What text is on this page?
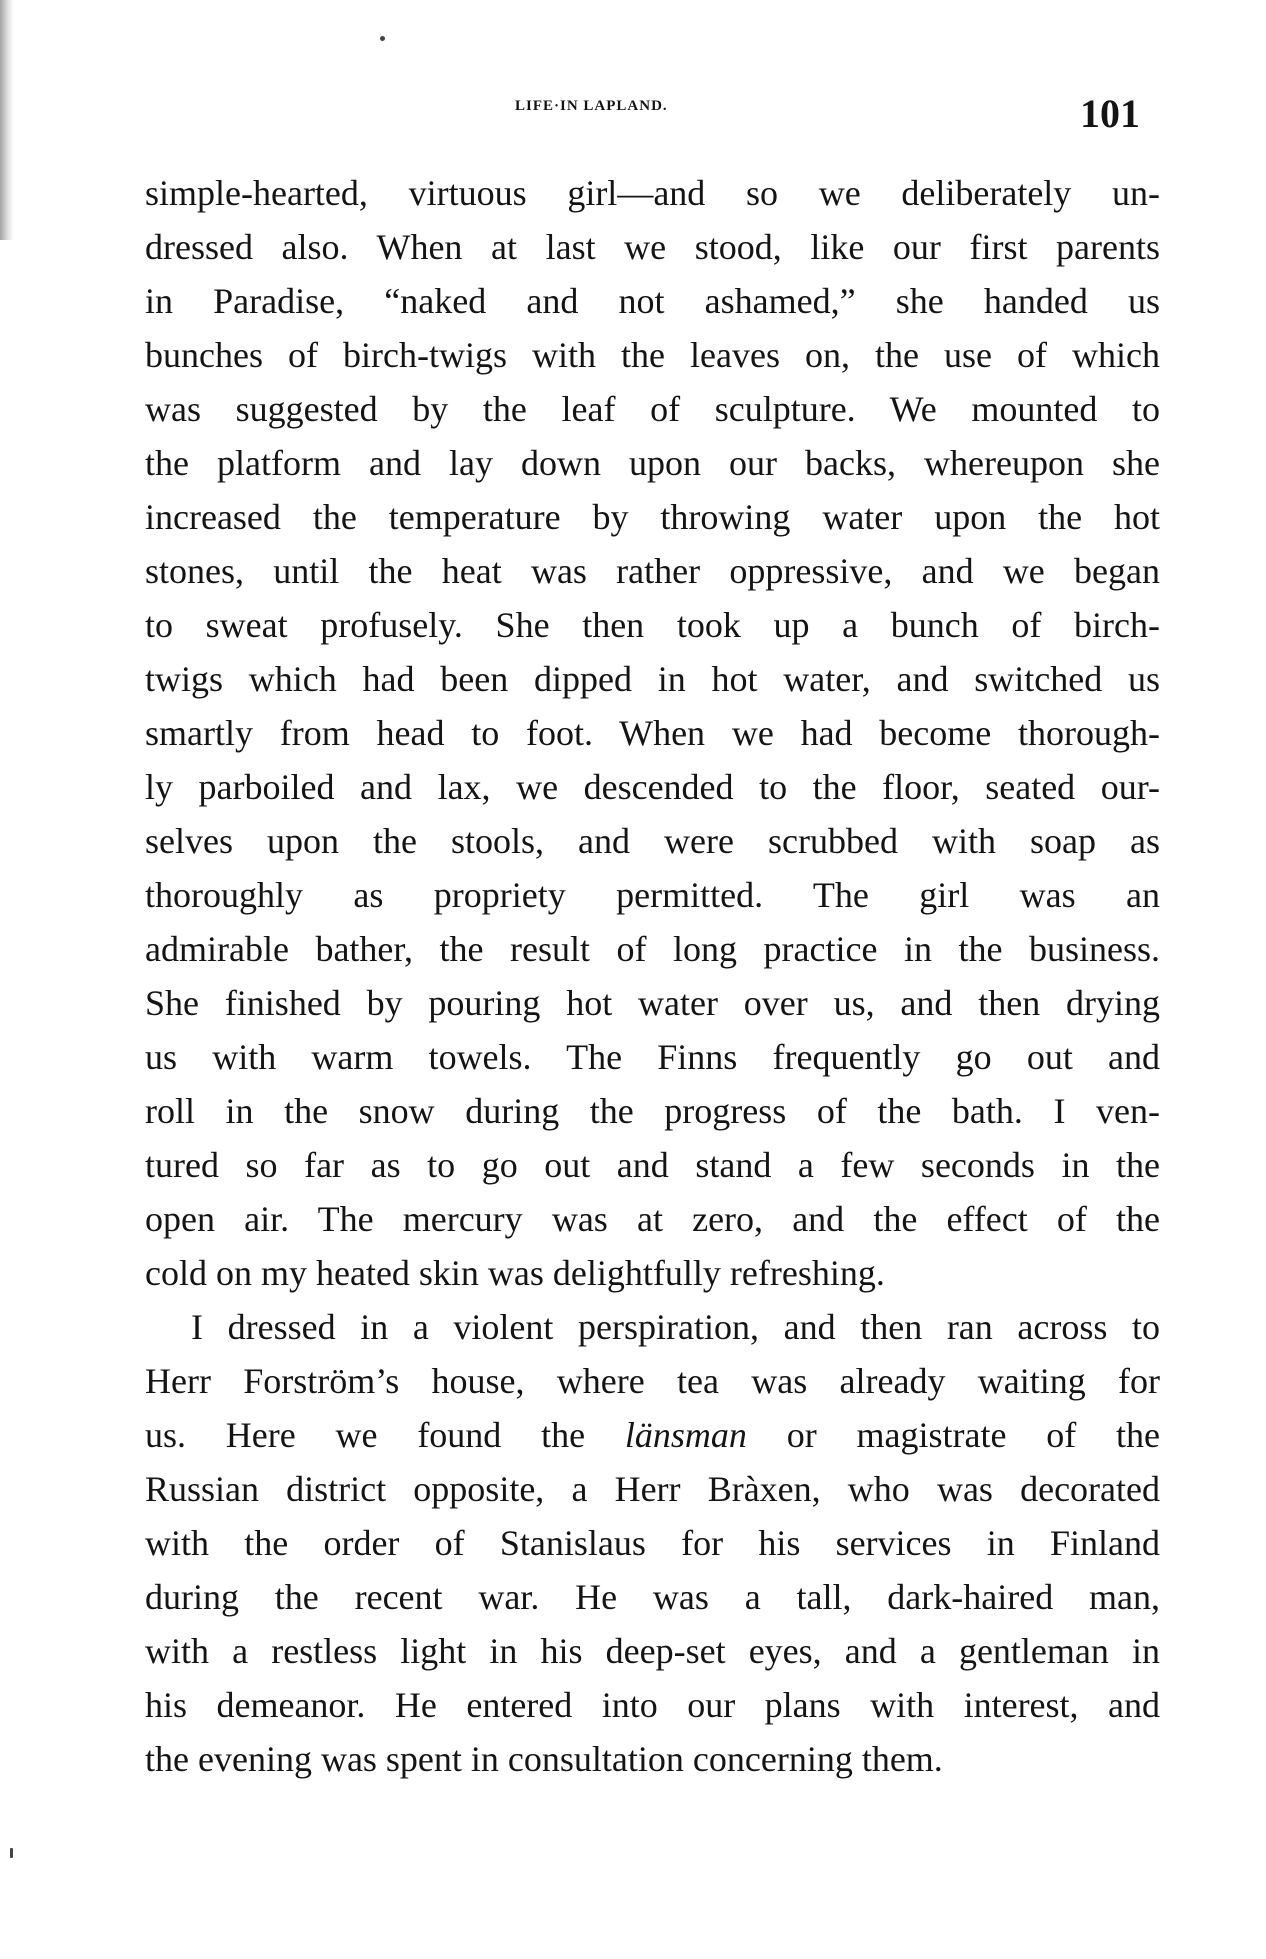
LIFE·IN LAPLAND.	101
simple-hearted, virtuous girl—and so we deliberately un-
dressed also. When at last we stood, like our first parents
in Paradise, “naked and not ashamed,” she handed us
bunches of birch-twigs with the leaves on, the use of which
was suggested by the leaf of sculpture. We mounted to
the platform and lay down upon our backs, whereupon she
increased the temperature by throwing water upon the hot
stones, until the heat was rather oppressive, and we began
to sweat profusely. She then took up a bunch of birch-
twigs which had been dipped in hot water, and switched us
smartly from head to foot. When we had become thorough-
ly parboiled and lax, we descended to the floor, seated our-
selves upon the stools, and were scrubbed with soap as
thoroughly as propriety permitted. The girl was an
admirable bather, the result of long practice in the business.
She finished by pouring hot water over us, and then drying
us with warm towels. The Finns frequently go out and
roll in the snow during the progress of the bath. I ven-
tured so far as to go out and stand a few seconds in the
open air. The mercury was at zero, and the effect of the
cold on my heated skin was delightfully refreshing.
I dressed in a violent perspiration, and then ran across to
Herr Forström’s house, where tea was already waiting for
us. Here we found the länsman or magistrate of the
Russian district opposite, a Herr Bràxen, who was decorated
with the order of Stanislaus for his services in Finland
during the recent war. He was a tall, dark-haired man,
with a restless light in his deep-set eyes, and a gentleman in
his demeanor. He entered into our plans with interest, and
the evening was spent in consultation concerning them.
